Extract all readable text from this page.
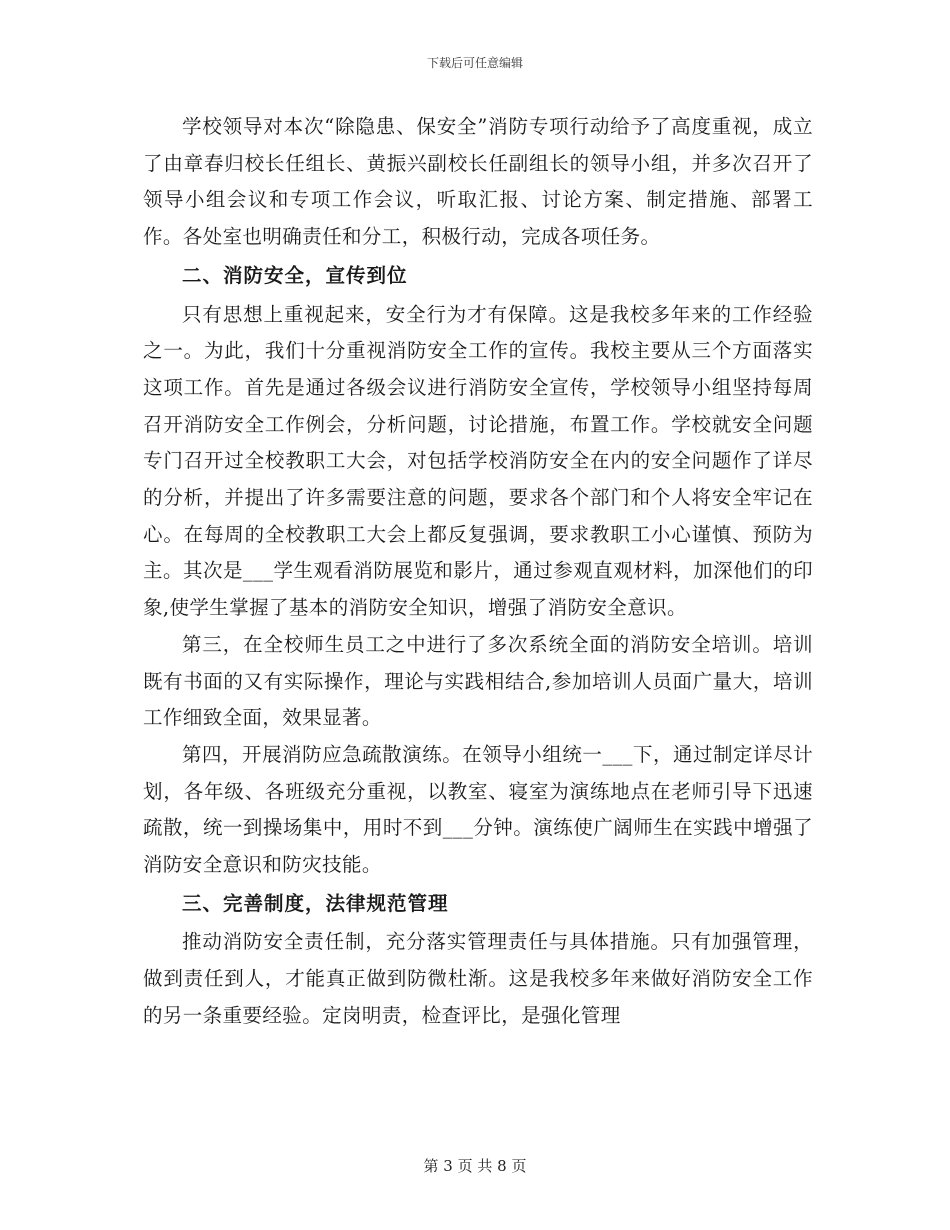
下载后可任意编辑

学校领导对本次“除隐患、保安全”消防专项行动给予了高度重视，成立了由章春归校长任组长、黄振兴副校长任副组长的领导小组，并多次召开了领导小组会议和专项工作会议，听取汇报、讨论方案、制定措施、部署工作。各处室也明确责任和分工，积极行动，完成各项任务。

二、消防安全，宣传到位

只有思想上重视起来，安全行为才有保障。这是我校多年来的工作经验之一。为此，我们十分重视消防安全工作的宣传。我校主要从三个方面落实这项工作。首先是通过各级会议进行消防安全宣传，学校领导小组坚持每周召开消防安全工作例会，分析问题，讨论措施，布置工作。学校就安全问题专门召开过全校教职工大会，对包括学校消防安全在内的安全问题作了详尽的分析，并提出了许多需要注意的问题，要求各个部门和个人将安全牢记在心。在每周的全校教职工大会上都反复强调，要求教职工小心谨慎、预防为主。其次是___学生观看消防展览和影片，通过参观直观材料，加深他们的印象,使学生掌握了基本的消防安全知识，增强了消防安全意识。

第三，在全校师生员工之中进行了多次系统全面的消防安全培训。培训既有书面的又有实际操作，理论与实践相结合,参加培训人员面广量大，培训工作细致全面，效果显著。

第四，开展消防应急疏散演练。在领导小组统一___下，通过制定详尽计划，各年级、各班级充分重视，以教室、寝室为演练地点在老师引导下迅速疏散，统一到操场集中，用时不到___分钟。演练使广阔师生在实践中增强了消防安全意识和防灾技能。

三、完善制度，法律规范管理

推动消防安全责任制，充分落实管理责任与具体措施。只有加强管理，做到责任到人，才能真正做到防微杜渐。这是我校多年来做好消防安全工作的另一条重要经验。定岗明责，检查评比，是强化管理

第 3 页 共 8 页
